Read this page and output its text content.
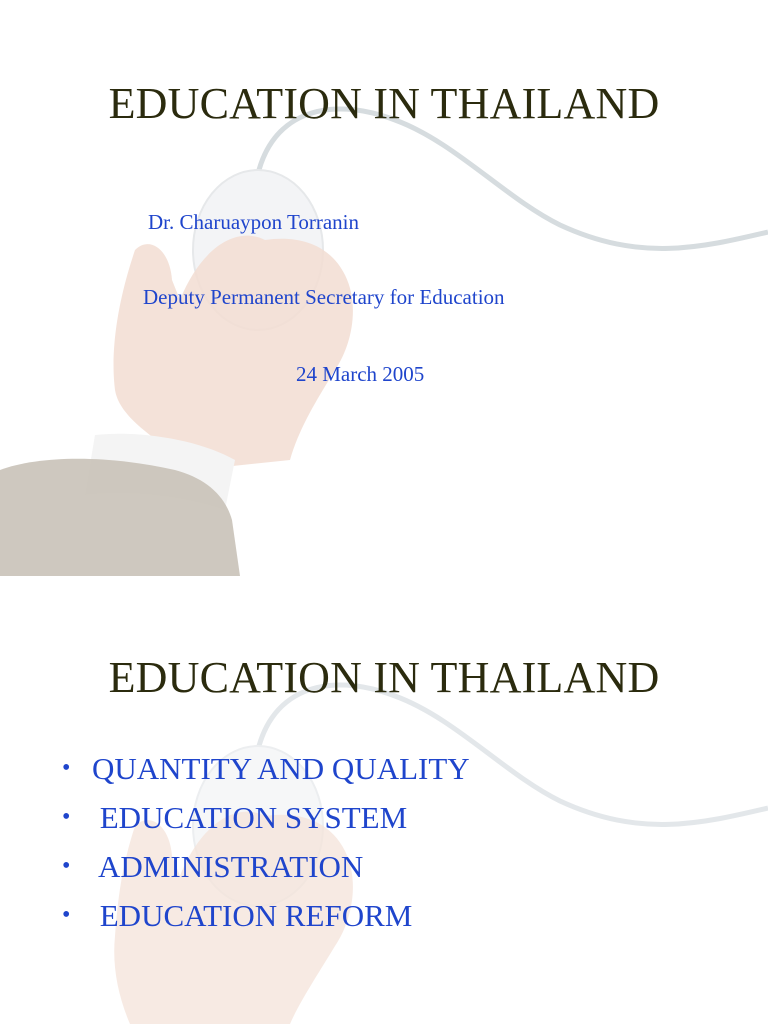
EDUCATION IN THAILAND

Dr. Charuaypon Torranin

Deputy Permanent Secretary for Education

24 March 2005

EDUCATION IN THAILAND
• QUANTITY AND QUALITY
• EDUCATION SYSTEM
• ADMINISTRATION
• EDUCATION REFORM
